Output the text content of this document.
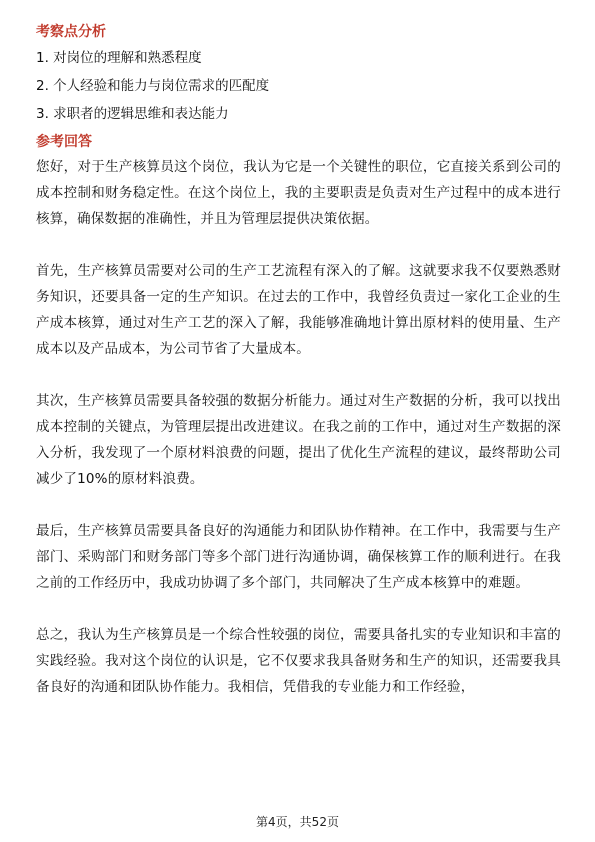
考察点分析
1. 对岗位的理解和熟悉程度
2. 个人经验和能力与岗位需求的匹配度
3. 求职者的逻辑思维和表达能力
参考回答

您好，对于生产核算员这个岗位，我认为它是一个关键性的职位，它直接关系到公司的成本控制和财务稳定性。在这个岗位上，我的主要职责是负责对生产过程中的成本进行核算，确保数据的准确性，并且为管理层提供决策依据。

首先，生产核算员需要对公司的生产工艺流程有深入的了解。这就要求我不仅要熟悉财务知识，还要具备一定的生产知识。在过去的工作中，我曾经负责过一家化工企业的生产成本核算，通过对生产工艺的深入了解，我能够准确地计算出原材料的使用量、生产成本以及产品成本，为公司节省了大量成本。

其次，生产核算员需要具备较强的数据分析能力。通过对生产数据的分析，我可以找出成本控制的关键点，为管理层提出改进建议。在我之前的工作中，通过对生产数据的深入分析，我发现了一个原材料浪费的问题，提出了优化生产流程的建议，最终帮助公司减少了10%的原材料浪费。

最后，生产核算员需要具备良好的沟通能力和团队协作精神。在工作中，我需要与生产部门、采购部门和财务部门等多个部门进行沟通协调，确保核算工作的顺利进行。在我之前的工作经历中，我成功协调了多个部门，共同解决了生产成本核算中的难题。

总之，我认为生产核算员是一个综合性较强的岗位，需要具备扎实的专业知识和丰富的实践经验。我对这个岗位的认识是，它不仅要求我具备财务和生产的知识，还需要我具备良好的沟通和团队协作能力。我相信，凭借我的专业能力和工作经验，

第4页，共52页
